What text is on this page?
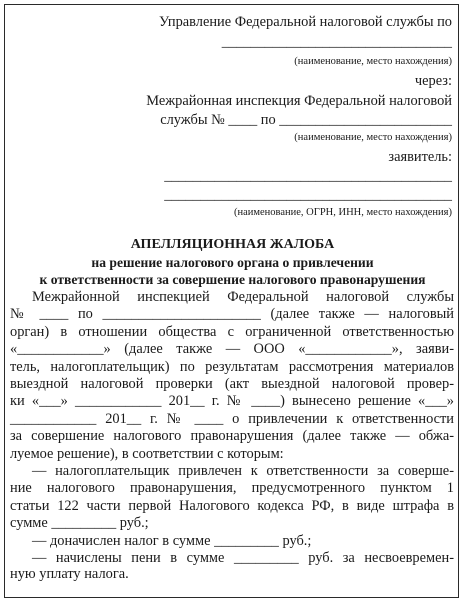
Управление Федеральной налоговой службы по
________________________________
(наименование, место нахождения)
через:
Межрайонная инспекция Федеральной налоговой
службы № ____ по ________________________
(наименование, место нахождения)
заявитель:
________________________________________
________________________________________
(наименование, ОГРН, ИНН, место нахождения)
АПЕЛЛЯЦИОННАЯ ЖАЛОБА
на решение налогового органа о привлечении
к ответственности за совершение налогового правонарушения
Межрайонной инспекцией Федеральной налоговой службы
№ ____ по ______________________ (далее также — налоговый
орган) в отношении общества с ограниченной ответственностью
«____________» (далее также — ООО «____________», заяви-
тель, налогоплательщик) по результатам рассмотрения материалов
выездной налоговой проверки (акт выездной налоговой провер-
ки «___» ____________ 201__ г. № ____) вынесено решение «___»
____________ 201__ г. № ____ о привлечении к ответственности
за совершение налогового правонарушения (далее также — обжа-
луемое решение), в соответствии с которым:
— налогоплательщик привлечен к ответственности за соверше-
ние налогового правонарушения, предусмотренного пунктом 1
статьи 122 части первой Налогового кодекса РФ, в виде штрафа в
сумме _________ руб.;
— доначислен налог в сумме _________ руб.;
— начислены пени в сумме _________ руб. за несвоевремен-
ную уплату налога.
